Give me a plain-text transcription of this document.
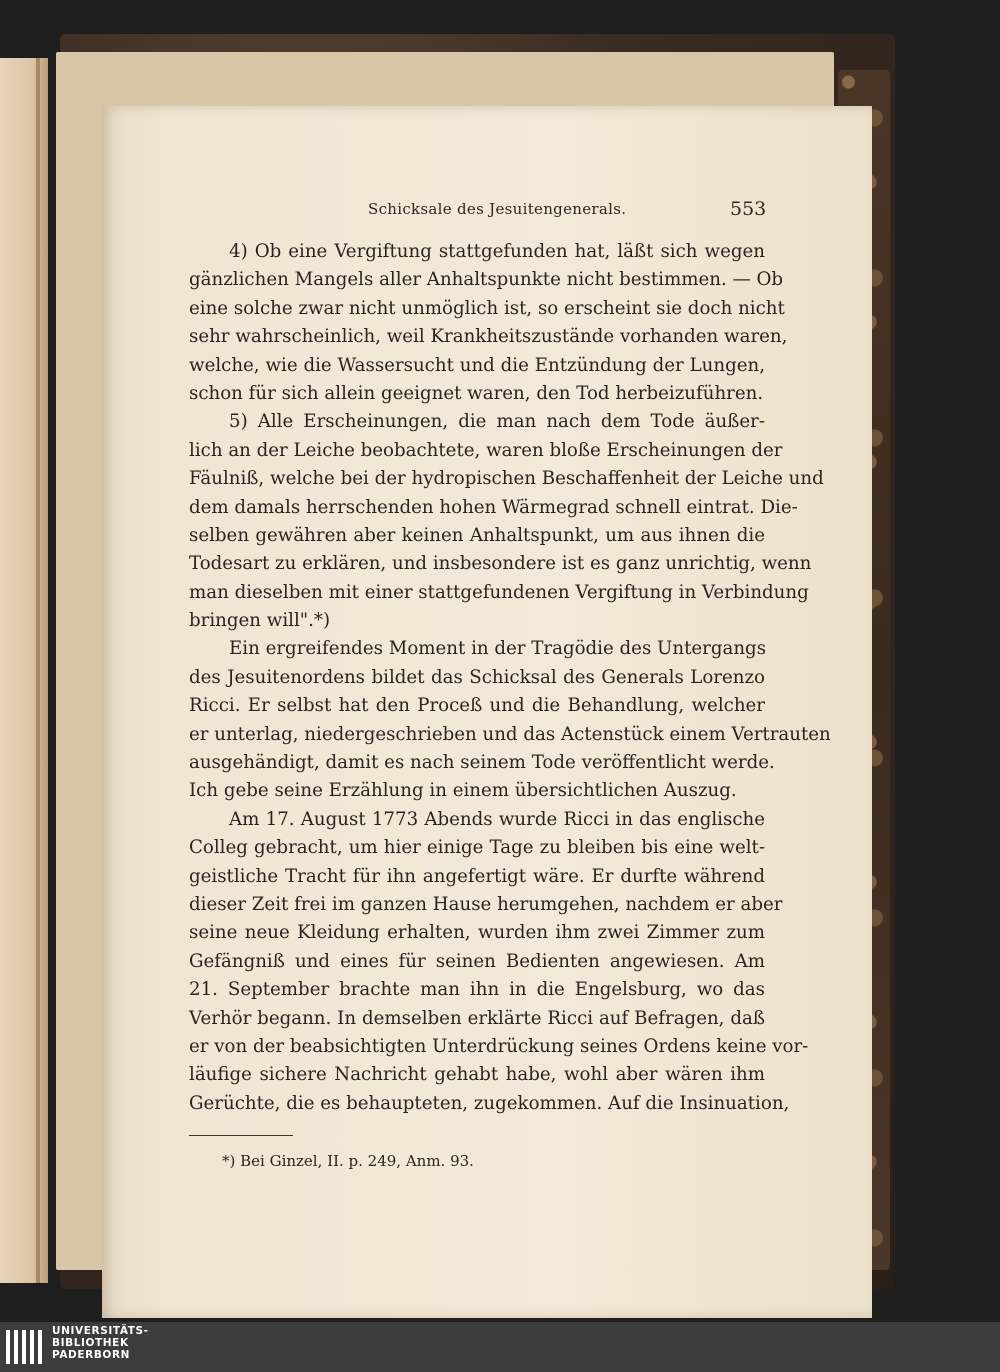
Schicksale des Jesuitengenerals.	553
4) Ob eine Vergiftung stattgefunden hat, läßt sich wegen
gänzlichen Mangels aller Anhaltspunkte nicht bestimmen. — Ob
eine solche zwar nicht unmöglich ist, so erscheint sie doch nicht
sehr wahrscheinlich, weil Krankheitszustände vorhanden waren,
welche, wie die Wassersucht und die Entzündung der Lungen,
schon für sich allein geeignet waren, den Tod herbeizuführen.
5) Alle Erscheinungen, die man nach dem Tode äußer-
lich an der Leiche beobachtete, waren bloße Erscheinungen der
Fäulniß, welche bei der hydropischen Beschaffenheit der Leiche und
dem damals herrschenden hohen Wärmegrad schnell eintrat. Die-
selben gewähren aber keinen Anhaltspunkt, um aus ihnen die
Todesart zu erklären, und insbesondere ist es ganz unrichtig, wenn
man dieselben mit einer stattgefundenen Vergiftung in Verbindung
bringen will".*)
Ein ergreifendes Moment in der Tragödie des Untergangs
des Jesuitenordens bildet das Schicksal des Generals Lorenzo
Ricci. Er selbst hat den Proceß und die Behandlung, welcher
er unterlag, niedergeschrieben und das Actenstück einem Vertrauten
ausgehändigt, damit es nach seinem Tode veröffentlicht werde.
Ich gebe seine Erzählung in einem übersichtlichen Auszug.
Am 17. August 1773 Abends wurde Ricci in das englische
Colleg gebracht, um hier einige Tage zu bleiben bis eine welt-
geistliche Tracht für ihn angefertigt wäre. Er durfte während
dieser Zeit frei im ganzen Hause herumgehen, nachdem er aber
seine neue Kleidung erhalten, wurden ihm zwei Zimmer zum
Gefängniß und eines für seinen Bedienten angewiesen. Am
21. September brachte man ihn in die Engelsburg, wo das
Verhör begann. In demselben erklärte Ricci auf Befragen, daß
er von der beabsichtigten Unterdrückung seines Ordens keine vor-
läufige sichere Nachricht gehabt habe, wohl aber wären ihm
Gerüchte, die es behaupteten, zugekommen. Auf die Insinuation,
*) Bei Ginzel, II. p. 249, Anm. 93.
UNIVERSITÄTS-
BIBLIOTHEK
PADERBORN
